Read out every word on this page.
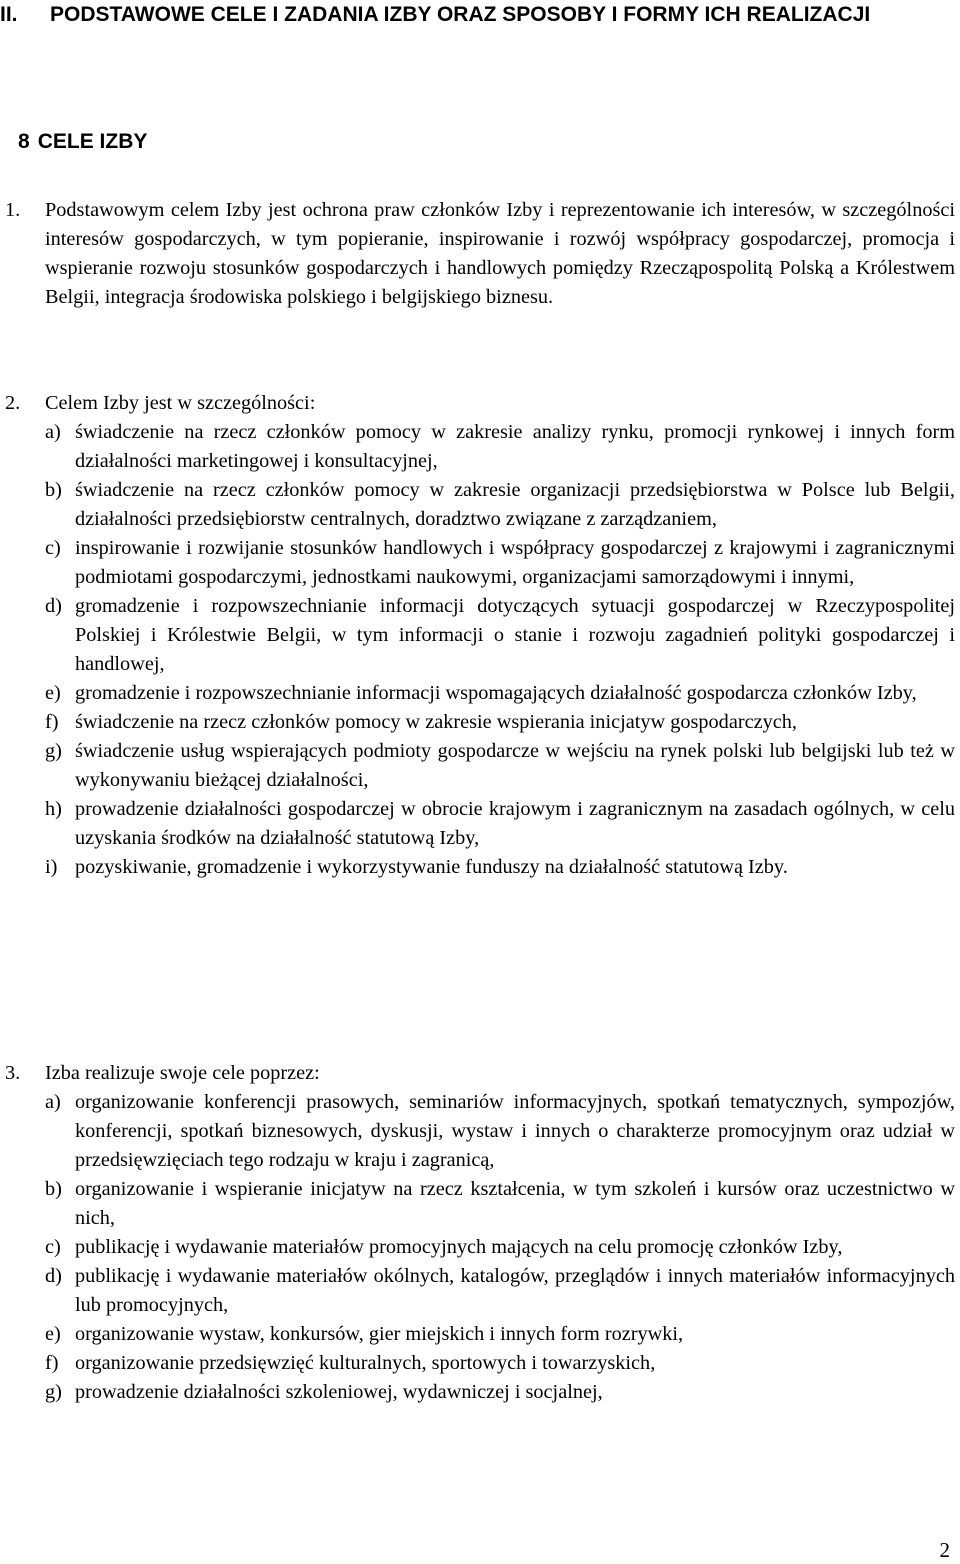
II. PODSTAWOWE CELE I ZADANIA IZBY ORAZ SPOSOBY I FORMY ICH REALIZACJI
8 CELE IZBY
1. Podstawowym celem Izby jest ochrona praw członków Izby i reprezentowanie ich interesów, w szczególności interesów gospodarczych, w tym popieranie, inspirowanie i rozwój współpracy gospodarczej, promocja i wspieranie rozwoju stosunków gospodarczych i handlowych pomiędzy Rzecząpospolitą Polską a Królestwem Belgii, integracja środowiska polskiego i belgijskiego biznesu.
2. Celem Izby jest w szczególności:
a) świadczenie na rzecz członków pomocy w zakresie analizy rynku, promocji rynkowej i innych form działalności marketingowej i konsultacyjnej,
b) świadczenie na rzecz członków pomocy w zakresie organizacji przedsiębiorstwa w Polsce lub Belgii, działalności przedsiębiorstw centralnych, doradztwo związane z zarządzaniem,
c) inspirowanie i rozwijanie stosunków handlowych i współpracy gospodarczej z krajowymi i zagranicznymi podmiotami gospodarczymi, jednostkami naukowymi, organizacjami samorządowymi i innymi,
d) gromadzenie i rozpowszechnianie informacji dotyczących sytuacji gospodarczej w Rzeczypospolitej Polskiej i Królestwie Belgii, w tym informacji o stanie i rozwoju zagadnień polityki gospodarczej i handlowej,
e) gromadzenie i rozpowszechnianie informacji wspomagających działalność gospodarcza członków Izby,
f) świadczenie na rzecz członków pomocy w zakresie wspierania inicjatyw gospodarczych,
g) świadczenie usług wspierających podmioty gospodarcze w wejściu na rynek polski lub belgijski lub też w wykonywaniu bieżącej działalności,
h) prowadzenie działalności gospodarczej w obrocie krajowym i zagranicznym na zasadach ogólnych, w celu uzyskania środków na działalność statutową Izby,
i) pozyskiwanie, gromadzenie i wykorzystywanie funduszy na działalność statutową Izby.
3. Izba realizuje swoje cele poprzez:
a) organizowanie konferencji prasowych, seminariów informacyjnych, spotkań tematycznych, sympozjów, konferencji, spotkań biznesowych, dyskusji, wystaw i innych o charakterze promocyjnym oraz udział w przedsięwzięciach tego rodzaju w kraju i zagranicą,
b) organizowanie i wspieranie inicjatyw na rzecz kształcenia, w tym szkoleń i kursów oraz uczestnictwo w nich,
c) publikację i wydawanie materiałów promocyjnych mających na celu promocję członków Izby,
d) publikację i wydawanie materiałów okólnych, katalogów, przeglądów i innych materiałów informacyjnych lub promocyjnych,
e) organizowanie wystaw, konkursów, gier miejskich i innych form rozrywki,
f) organizowanie przedsięwzięć kulturalnych, sportowych i towarzyskich,
g) prowadzenie działalności szkoleniowej, wydawniczej i socjalnej,
2
